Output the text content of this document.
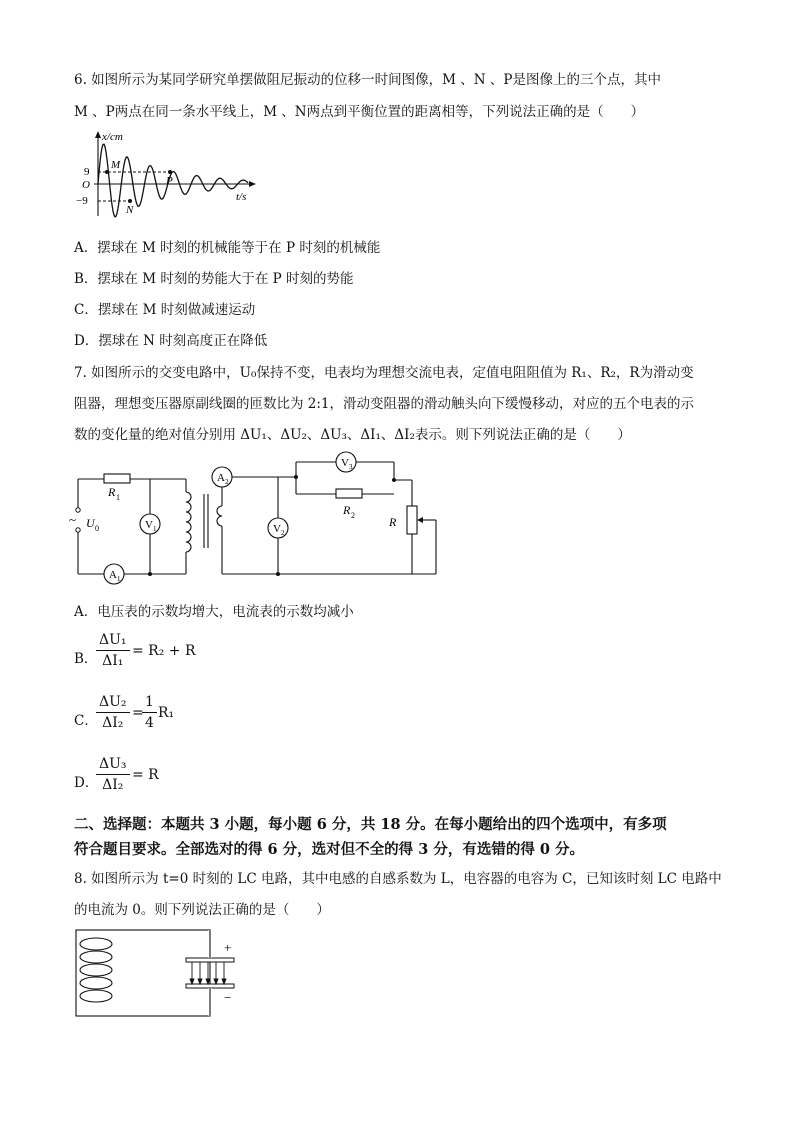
6. 如图所示为某同学研究单摆做阻尼振动的位移一时间图像，M 、N 、P是图像上的三个点，其中
M 、P两点在同一条水平线上，M 、N两点到平衡位置的距离相等，下列说法正确的是（　　）
x/cm
t/s
O
9
−9
M
P
N
A．摆球在 M 时刻的机械能等于在 P 时刻的机械能
B．摆球在 M 时刻的势能大于在 P 时刻的势能
C．摆球在 M 时刻做减速运动
D．摆球在 N 时刻高度正在降低
7. 如图所示的交变电路中，U₀保持不变，电表均为理想交流电表，定值电阻阻值为 R₁、R₂，R为滑动变
阻器，理想变压器原副线圈的匝数比为 2:1，滑动变阻器的滑动触头向下缓慢移动，对应的五个电表的示
数的变化量的绝对值分别用 ΔU₁、ΔU₂、ΔU₃、ΔI₁、ΔI₂表示。则下列说法正确的是（　　）
~ U 0
R 1
A 1
V 1
A 2
V 2
V 3
R 2	R
A．电压表的示数均增大，电流表的示数均减小
B．
$\frac{\text{ΔU₁}}{\text{ΔI₁}} = R_2 + R$
C．
$\frac{\text{ΔU₂}}{\text{ΔI₂}}$ =
$\frac{1}{4} R_1$
D．
$\frac{\text{ΔU₃}}{\text{ΔI₂}} = R$
二、选择题：本题共 3 小题，每小题 6 分，共 18 分。在每小题给出的四个选项中，有多项
符合题目要求。全部选对的得 6 分，选对但不全的得 3 分，有选错的得 0 分。
8. 如图所示为 t=0 时刻的 LC 电路，其中电感的自感系数为 L，电容器的电容为 C，已知该时刻 LC 电路中
的电流为 0。则下列说法正确的是（　　）
+
−
